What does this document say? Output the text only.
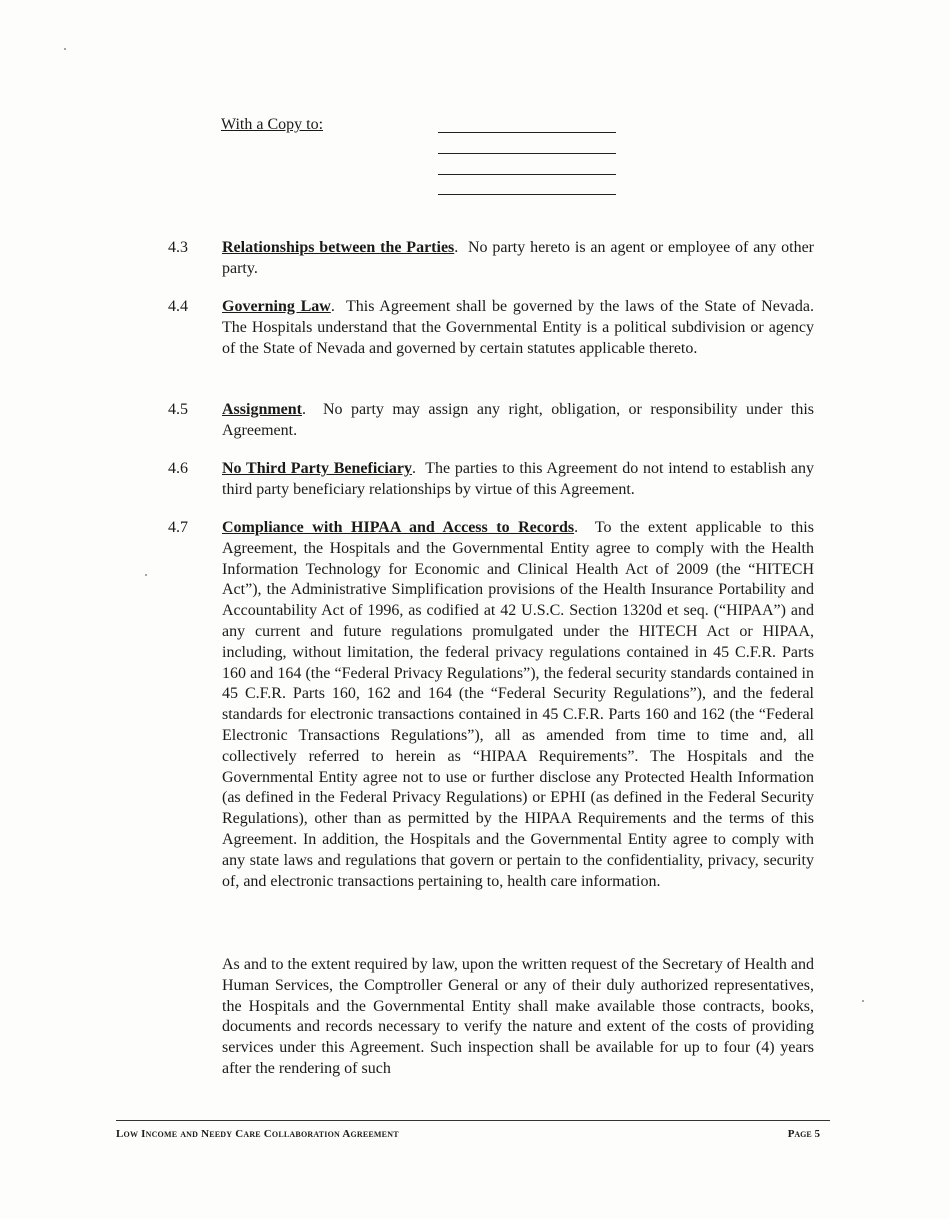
With a Copy to:
4.3	Relationships between the Parties.  No party hereto is an agent or employee of any other party.
4.4	Governing Law.  This Agreement shall be governed by the laws of the State of Nevada. The Hospitals understand that the Governmental Entity is a political subdivision or agency of the State of Nevada and governed by certain statutes applicable thereto.
4.5	Assignment.  No party may assign any right, obligation, or responsibility under this Agreement.
4.6	No Third Party Beneficiary.  The parties to this Agreement do not intend to establish any third party beneficiary relationships by virtue of this Agreement.
4.7	Compliance with HIPAA and Access to Records.  To the extent applicable to this Agreement, the Hospitals and the Governmental Entity agree to comply with the Health Information Technology for Economic and Clinical Health Act of 2009 (the “HITECH Act”), the Administrative Simplification provisions of the Health Insurance Portability and Accountability Act of 1996, as codified at 42 U.S.C. Section 1320d et seq. (“HIPAA”) and any current and future regulations promulgated under the HITECH Act or HIPAA, including, without limitation, the federal privacy regulations contained in 45 C.F.R. Parts 160 and 164 (the “Federal Privacy Regulations”), the federal security standards contained in 45 C.F.R. Parts 160, 162 and 164 (the “Federal Security Regulations”), and the federal standards for electronic transactions contained in 45 C.F.R. Parts 160 and 162 (the “Federal Electronic Transactions Regulations”), all as amended from time to time and, all collectively referred to herein as “HIPAA Requirements”. The Hospitals and the Governmental Entity agree not to use or further disclose any Protected Health Information (as defined in the Federal Privacy Regulations) or EPHI (as defined in the Federal Security Regulations), other than as permitted by the HIPAA Requirements and the terms of this Agreement. In addition, the Hospitals and the Governmental Entity agree to comply with any state laws and regulations that govern or pertain to the confidentiality, privacy, security of, and electronic transactions pertaining to, health care information.
As and to the extent required by law, upon the written request of the Secretary of Health and Human Services, the Comptroller General or any of their duly authorized representatives, the Hospitals and the Governmental Entity shall make available those contracts, books, documents and records necessary to verify the nature and extent of the costs of providing services under this Agreement. Such inspection shall be available for up to four (4) years after the rendering of such
Low Income and Needy Care Collaboration Agreement	Page 5
